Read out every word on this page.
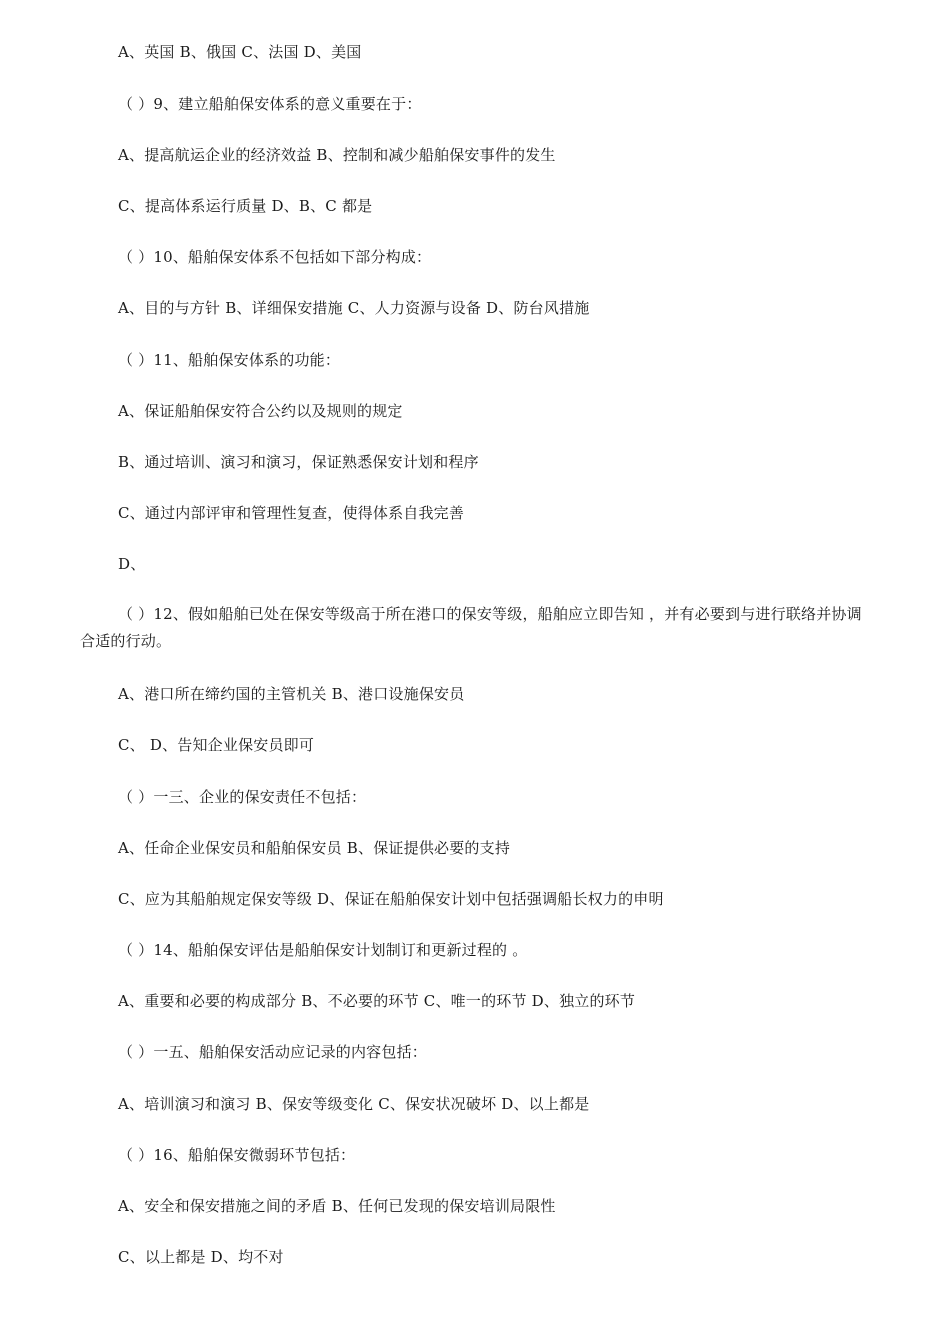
A、英国 B、俄国 C、法国 D、美国
（ ）9、建立船舶保安体系的意义重要在于：
A、提高航运企业的经济效益 B、控制和减少船舶保安事件的发生
C、提高体系运行质量 D、B、C 都是
（ ）10、船舶保安体系不包括如下部分构成：
A、目的与方针 B、详细保安措施 C、人力资源与设备 D、防台风措施
（ ）11、船舶保安体系的功能：
A、保证船舶保安符合公约以及规则的规定
B、通过培训、演习和演习，保证熟悉保安计划和程序
C、通过内部评审和管理性复查，使得体系自我完善
D、
（ ）12、假如船舶已处在保安等级高于所在港口的保安等级，船舶应立即告知 ，并有必要到与进行联络并协调合适的行动。
A、港口所在缔约国的主管机关 B、港口设施保安员
C、 D、告知企业保安员即可
（ ）一三、企业的保安责任不包括：
A、任命企业保安员和船舶保安员 B、保证提供必要的支持
C、应为其船舶规定保安等级 D、保证在船舶保安计划中包括强调船长权力的申明
（ ）14、船舶保安评估是船舶保安计划制订和更新过程的 。
A、重要和必要的构成部分 B、不必要的环节 C、唯一的环节 D、独立的环节
（ ）一五、船舶保安活动应记录的内容包括：
A、培训演习和演习 B、保安等级变化 C、保安状况破坏 D、以上都是
（ ）16、船舶保安微弱环节包括：
A、安全和保安措施之间的矛盾 B、任何已发现的保安培训局限性
C、以上都是 D、均不对
